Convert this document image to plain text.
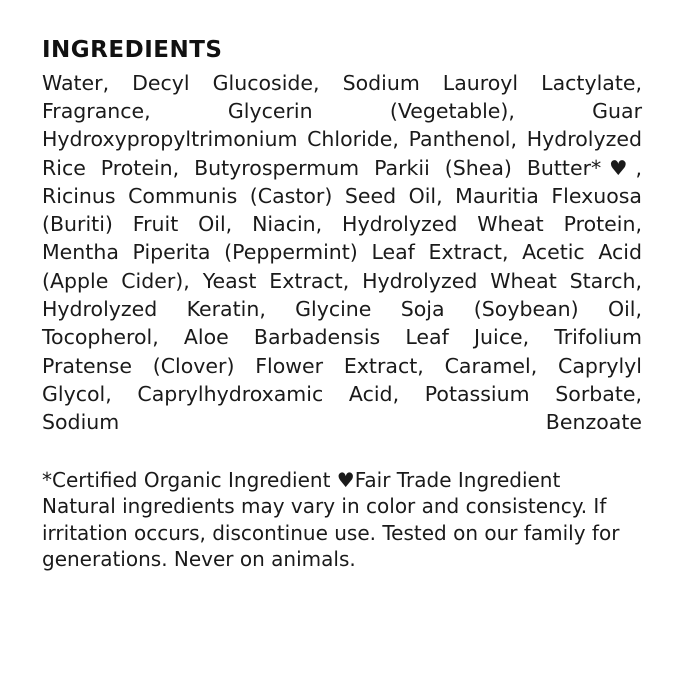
INGREDIENTS

Water, Decyl Glucoside, Sodium Lauroyl Lactylate, Fragrance, Glycerin (Vegetable), Guar Hydroxypropyltrimonium Chloride, Panthenol, Hydrolyzed Rice Protein, Butyrospermum Parkii (Shea) Butter*♥, Ricinus Communis (Castor) Seed Oil, Mauritia Flexuosa (Buriti) Fruit Oil, Niacin, Hydrolyzed Wheat Protein, Mentha Piperita (Peppermint) Leaf Extract, Acetic Acid (Apple Cider), Yeast Extract, Hydrolyzed Wheat Starch, Hydrolyzed Keratin, Glycine Soja (Soybean) Oil, Tocopherol, Aloe Barbadensis Leaf Juice, Trifolium Pratense (Clover) Flower Extract, Caramel, Caprylyl Glycol, Caprylhydroxamic Acid, Potassium Sorbate, Sodium Benzoate

*Certified Organic Ingredient ♥Fair Trade Ingredient

Natural ingredients may vary in color and consistency. If irritation occurs, discontinue use. Tested on our family for generations. Never on animals.
